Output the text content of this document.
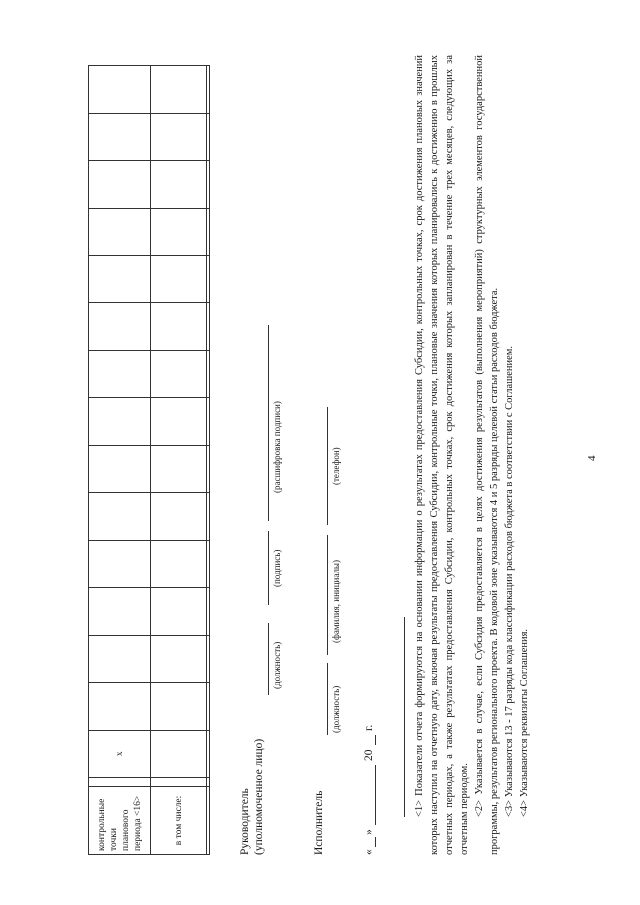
4
контрольные точки планового периода <16>		x														
в том числе:																
																	Руководитель (уполномоченное лицо)
(должность)
(подпись)
(расшифровка подписи)
Исполнитель
(должность)
(фамилия, инициалы)
(телефон)
«
»
20
г.	<1> Показатели отчета формируются на основании информации о результатах предоставления Субсидии, контрольных точках, срок достижения плановых значений которых наступил на отчетную дату, включая результаты предоставления Субсидии, контрольные точки, плановые значения которых планировались к достижению в прошлых отчетных периодах, а также результатах предоставления Субсидии, контрольных точках, срок достижения которых запланирован в течение трех месяцев, следующих за отчетным периодом. <2> Указывается в случае, если Субсидия предоставляется в целях достижения результатов (выполнения мероприятий) структурных элементов государственной программы, результатов регионального проекта. В кодовой зоне указываются 4 и 5 разряды целевой статьи расходов бюджета. <3> Указываются 13 - 17 разряды кода классификации расходов бюджета в соответствии с Соглашением. <4> Указываются реквизиты Соглашения.
